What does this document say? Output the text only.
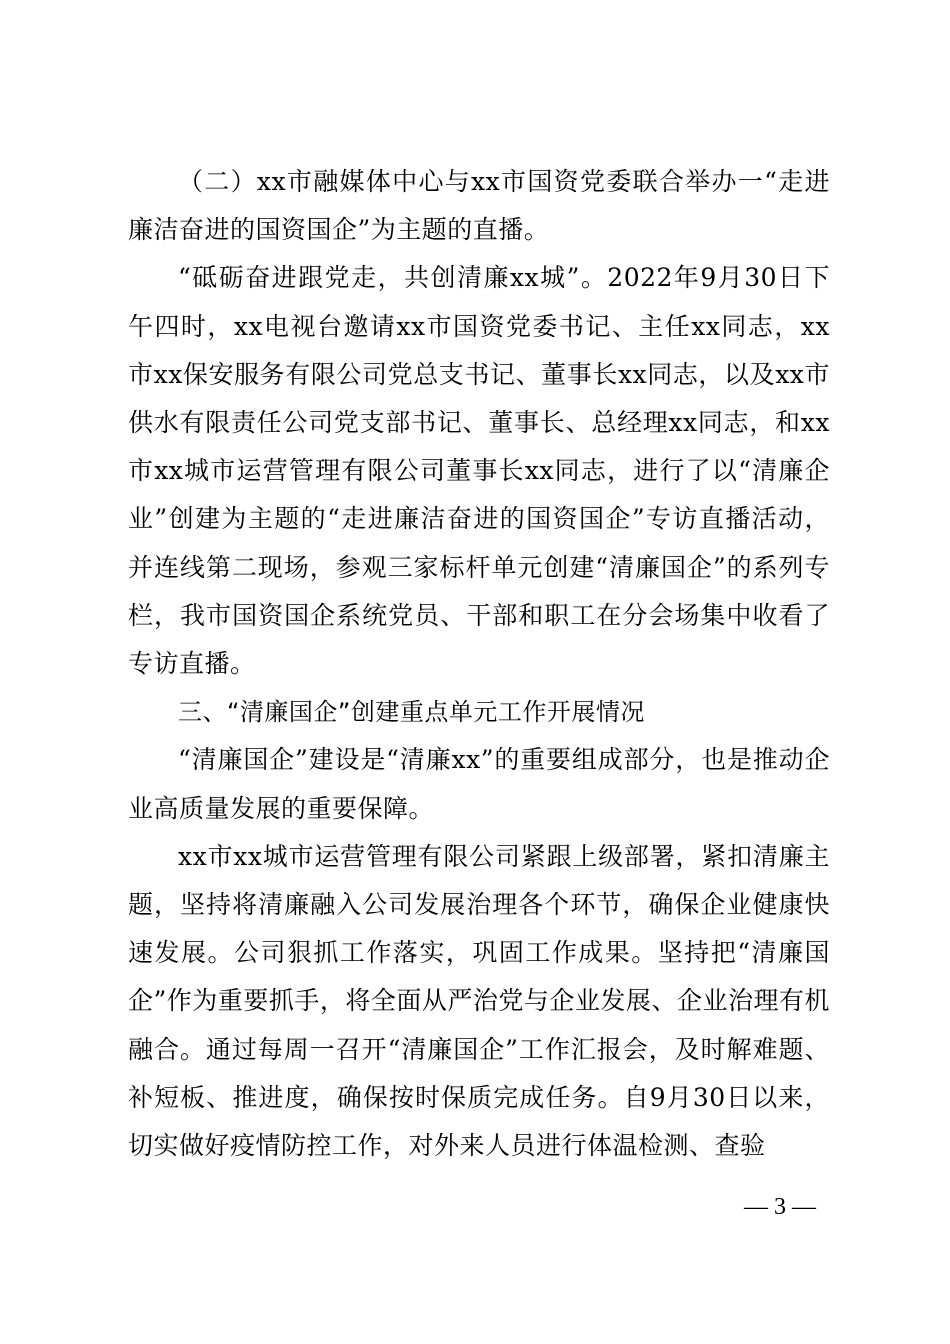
（二）xx市融媒体中心与xx市国资党委联合举办一“走进廉洁奋进的国资国企”为主题的直播。

“砥砺奋进跟党走，共创清廉xx城”。2022年9月30日下午四时，xx电视台邀请xx市国资党委书记、主任xx同志，xx市xx保安服务有限公司党总支书记、董事长xx同志，以及xx市供水有限责任公司党支部书记、董事长、总经理xx同志，和xx市xx城市运营管理有限公司董事长xx同志，进行了以“清廉企业”创建为主题的“走进廉洁奋进的国资国企”专访直播活动，并连线第二现场，参观三家标杆单元创建“清廉国企”的系列专栏，我市国资国企系统党员、干部和职工在分会场集中收看了专访直播。

三、“清廉国企”创建重点单元工作开展情况

“清廉国企”建设是“清廉xx”的重要组成部分，也是推动企业高质量发展的重要保障。

xx市xx城市运营管理有限公司紧跟上级部署，紧扣清廉主题，坚持将清廉融入公司发展治理各个环节，确保企业健康快速发展。公司狠抓工作落实，巩固工作成果。坚持把“清廉国企”作为重要抓手，将全面从严治党与企业发展、企业治理有机融合。通过每周一召开“清廉国企”工作汇报会，及时解难题、补短板、推进度，确保按时保质完成任务。自9月30日以来，切实做好疫情防控工作，对外来人员进行体温检测、查验

— 3 —
